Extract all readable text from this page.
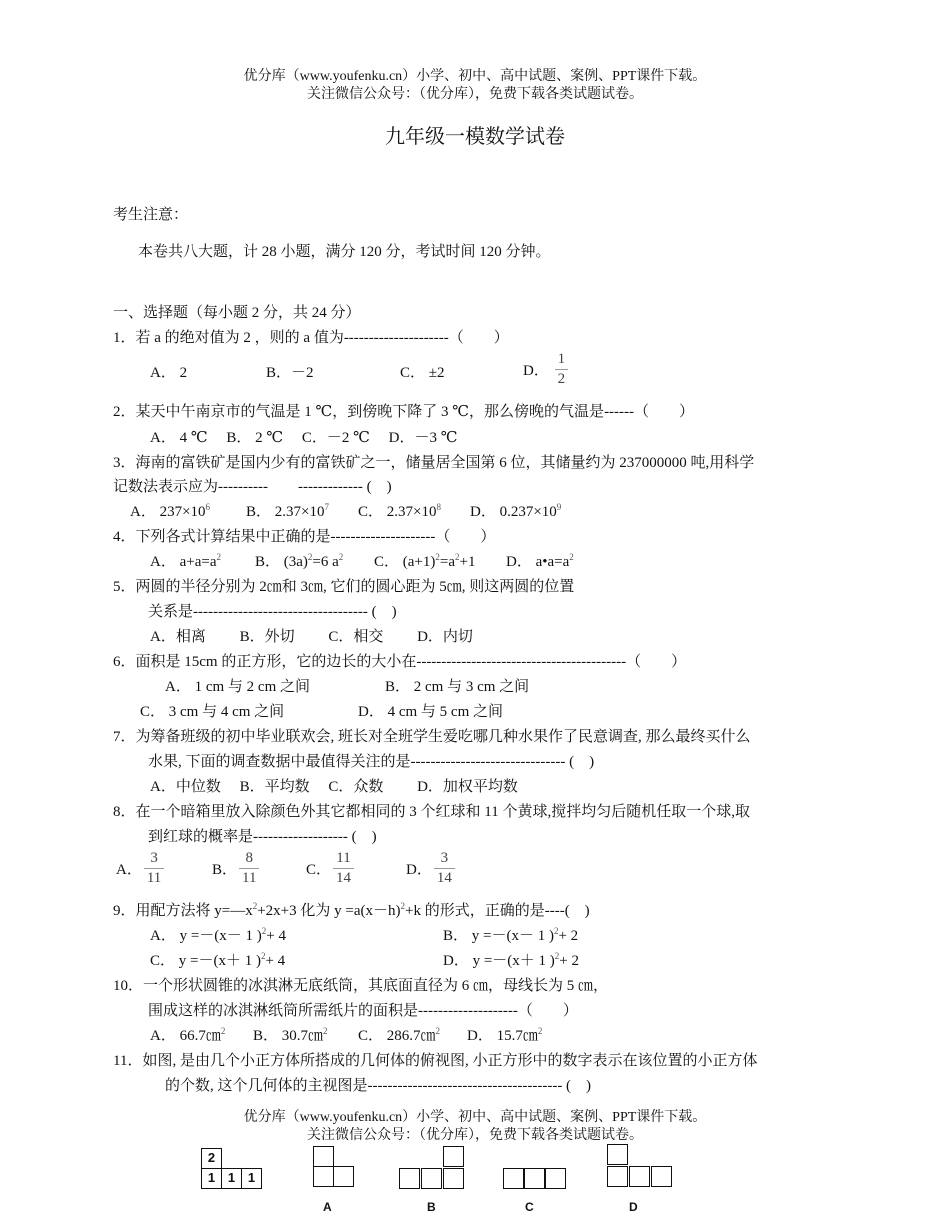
优分库（www.youfenku.cn）小学、初中、高中试题、案例、PPT课件下载。
关注微信公众号：（优分库），免费下载各类试题试卷。
九年级一模数学试卷
考生注意：
本卷共八大题，计 28 小题，满分 120 分，考试时间 120 分钟。
一、选择题（每小题 2 分，共 24 分）
1．若 a 的绝对值为 2 ，则的 a 值为---------------------（　　）
A． 2	B．－2	C． ±2	D． $\frac{1}{2}$
2．某天中午南京市的气温是 1 ℃，到傍晚下降了 3 ℃，那么傍晚的气温是------（　　）
A． 4 ℃　 B． 2 ℃　 C．－2 ℃　 D．－3 ℃
3．海南的富铁矿是国内少有的富铁矿之一，储量居全国第 6 位，其储量约为 237000000 吨,用科学
记数法表示应为----------　　------------- (　)
A． $237\times 10^6$ B． $2.37\times 10^7$ C． $2.37\times 10^8$ D． $0.237\times 10^9$
4．下列各式计算结果中正确的是---------------------（　　）
A． $a+a=a^2$ B． $(3a)^2=6$ $a^2$ C． $(a+1)^2=a^2+1$ D． $a•a=a^2$
5．两圆的半径分别为 2㎝和 3㎝, 它们的圆心距为 5㎝, 则这两圆的位置
关系是----------------------------------- (　)
A．相离　　 B．外切　　 C．相交　　 D．内切
6．面积是 15cm 的正方形，它的边长的大小在------------------------------------------（　　）
A． 1 cm 与 2 cm 之间	B． 2 cm 与 3 cm 之间
C． 3 cm 与 4 cm 之间	D． 4 cm 与 5 cm 之间
7．为筹备班级的初中毕业联欢会, 班长对全班学生爱吃哪几种水果作了民意调查, 那么最终买什么
水果, 下面的调查数据中最值得关注的是------------------------------- (　)
A．中位数　 B．平均数　 C．众数　　 D．加权平均数
8．在一个暗箱里放入除颜色外其它都相同的 3 个红球和 11 个黄球,搅拌均匀后随机任取一个球,取
到红球的概率是------------------- (　)
A． $\frac{3}{11}$	B． $\frac{8}{11}$	C． $\frac{11}{14}$	D． $\frac{3}{14}$
9．用配方法将 $y=—x^2+2x+3$ 化为 $y =a(x-h)^2+k$ 的形式，正确的是----(　)
A． y =－(x－ 1 )$^2$+ 4	B． y =－(x－ 1 )$^2$+ 2
C． y =－(x＋ 1 )$^2$+ 4	D． y =－(x＋ 1 )$^2$+ 2
10．一个形状圆锥的冰淇淋无底纸筒，其底面直径为 6 ㎝，母线长为 5 ㎝，
围成这样的冰淇淋纸筒所需纸片的面积是--------------------（　　）
A． 66.7㎝$^2$ B． 30.7㎝$^2$ C． 286.7㎝$^2$ D． 15.7㎝$^2$
11．如图, 是由几个小正方体所搭成的几何体的俯视图, 小正方形中的数字表示在该位置的小正方体
的个数, 这个几何体的主视图是--------------------------------------- (　)
优分库（www.youfenku.cn）小学、初中、高中试题、案例、PPT课件下载。
关注微信公众号：（优分库），免费下载各类试题试卷。
2
1 1 1
A	B	C	D
